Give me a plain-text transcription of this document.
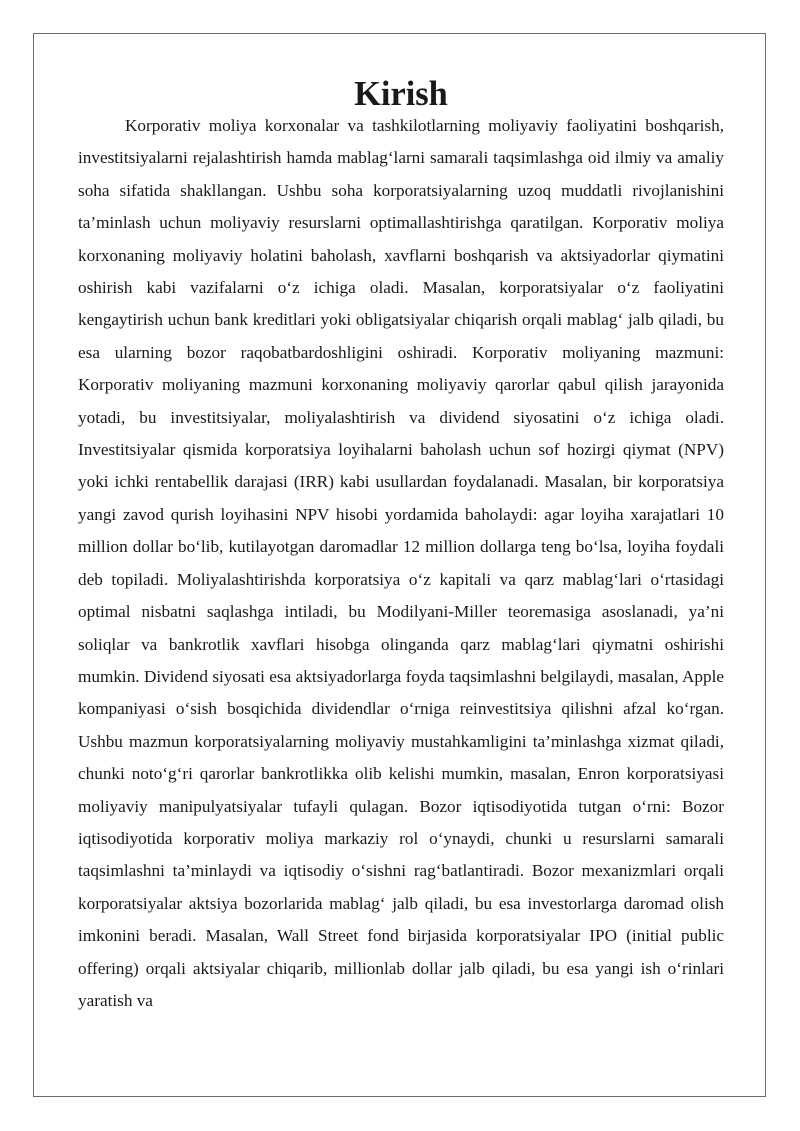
Kirish

Korporativ moliya korxonalar va tashkilotlarning moliyaviy faoliyatini boshqarish, investitsiyalarni rejalashtirish hamda mablag‘larni samarali taqsimlashga oid ilmiy va amaliy soha sifatida shakllangan. Ushbu soha korporatsiyalarning uzoq muddatli rivojlanishini ta’minlash uchun moliyaviy resurslarni optimallashtirishga qaratilgan. Korporativ moliya korxonaning moliyaviy holatini baholash, xavflarni boshqarish va aktsiyadorlar qiymatini oshirish kabi vazifalarni o‘z ichiga oladi. Masalan, korporatsiyalar o‘z faoliyatini kengaytirish uchun bank kreditlari yoki obligatsiyalar chiqarish orqali mablag‘ jalb qiladi, bu esa ularning bozor raqobatbardoshligini oshiradi. Korporativ moliyaning mazmuni: Korporativ moliyaning mazmuni korxonaning moliyaviy qarorlar qabul qilish jarayonida yotadi, bu investitsiyalar, moliyalashtirish va dividend siyosatini o‘z ichiga oladi. Investitsiyalar qismida korporatsiya loyihalarni baholash uchun sof hozirgi qiymat (NPV) yoki ichki rentabellik darajasi (IRR) kabi usullardan foydalanadi. Masalan, bir korporatsiya yangi zavod qurish loyihasini NPV hisobi yordamida baholaydi: agar loyiha xarajatlari 10 million dollar bo‘lib, kutilayotgan daromadlar 12 million dollarga teng bo‘lsa, loyiha foydali deb topiladi. Moliyalashtirishda korporatsiya o‘z kapitali va qarz mablag‘lari o‘rtasidagi optimal nisbatni saqlashga intiladi, bu Modilyani-Miller teoremasiga asoslanadi, ya’ni soliqlar va bankrotlik xavflari hisobga olinganda qarz mablag‘lari qiymatni oshirishi mumkin. Dividend siyosati esa aktsiyadorlarga foyda taqsimlashni belgilaydi, masalan, Apple kompaniyasi o‘sish bosqichida dividendlar o‘rniga reinvestitsiya qilishni afzal ko‘rgan. Ushbu mazmun korporatsiyalarning moliyaviy mustahkamligini ta’minlashga xizmat qiladi, chunki noto‘g‘ri qarorlar bankrotlikka olib kelishi mumkin, masalan, Enron korporatsiyasi moliyaviy manipulyatsiyalar tufayli qulagan. Bozor iqtisodiyotida tutgan o‘rni: Bozor iqtisodiyotida korporativ moliya markaziy rol o‘ynaydi, chunki u resurslarni samarali taqsimlashni ta’minlaydi va iqtisodiy o‘sishni rag‘batlantiradi. Bozor mexanizmlari orqali korporatsiyalar aktsiya bozorlarida mablag‘ jalb qiladi, bu esa investorlarga daromad olish imkonini beradi. Masalan, Wall Street fond birjasida korporatsiyalar IPO (initial public offering) orqali aktsiyalar chiqarib, millionlab dollar jalb qiladi, bu esa yangi ish o‘rinlari yaratish va
